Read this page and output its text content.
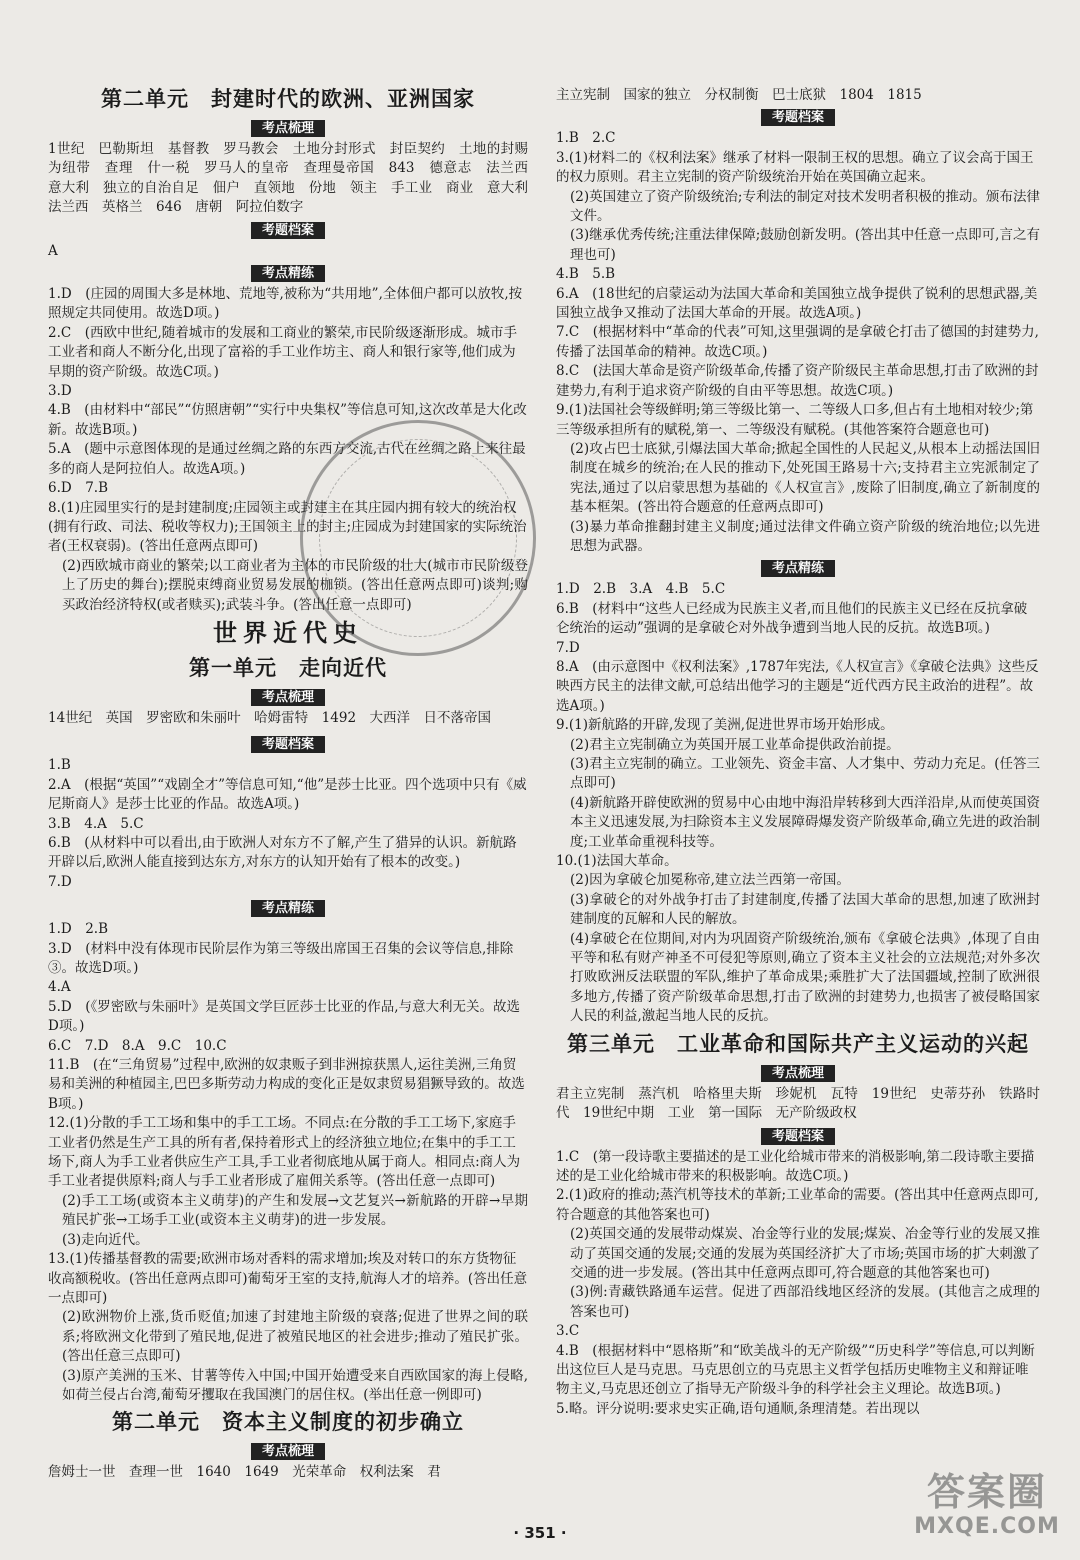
第二单元　封建时代的欧洲、亚洲国家
考点梳理

1世纪　巴勒斯坦　基督教　罗马教会　土地分封形式　封臣契约　土地的封赐为纽带　查理　什一税　罗马人的皇帝　查理曼帝国　843　德意志　法兰西　意大利　独立的自治自足　佃户　直领地　份地　领主　手工业　商业　意大利　法兰西　英格兰　646　唐朝　阿拉伯数字

考题档案

A

考点精练

1.D　(庄园的周围大多是林地、荒地等,被称为“共用地”,全体佃户都可以放牧,按照规定共同使用。故选D项。)

2.C　(西欧中世纪,随着城市的发展和工商业的繁荣,市民阶级逐渐形成。城市手工业者和商人不断分化,出现了富裕的手工业作坊主、商人和银行家等,他们成为早期的资产阶级。故选C项。)

3.D

4.B　(由材料中“部民”“仿照唐朝”“实行中央集权”等信息可知,这次改革是大化改新。故选B项。)

5.A　(题中示意图体现的是通过丝绸之路的东西方交流,古代在丝绸之路上来往最多的商人是阿拉伯人。故选A项。)

6.D　7.B

8.(1)庄园里实行的是封建制度;庄园领主或封建主在其庄园内拥有较大的统治权(拥有行政、司法、税收等权力);王国领主上的封主;庄园成为封建国家的实际统治者(王权衰弱)。(答出任意两点即可)

(2)西欧城市商业的繁荣;以工商业者为主体的市民阶级的壮大(城市市民阶级登上了历史的舞台);摆脱束缚商业贸易发展的枷锁。(答出任意两点即可)谈判;购买政治经济特权(或者赎买);武装斗争。(答出任意一点即可)

世界近代史
第一单元　走向近代
考点梳理

14世纪　英国　罗密欧和朱丽叶　哈姆雷特　1492　大西洋　日不落帝国

考题档案

1.B

2.A　(根据“英国”“戏剧全才”等信息可知,“他”是莎士比亚。四个选项中只有《威尼斯商人》是莎士比亚的作品。故选A项。)

3.B　4.A　5.C

6.B　(从材料中可以看出,由于欧洲人对东方不了解,产生了猎异的认识。新航路开辟以后,欧洲人能直接到达东方,对东方的认知开始有了根本的改变。)

7.D

考点精练

1.D　2.B

3.D　(材料中没有体现市民阶层作为第三等级出席国王召集的会议等信息,排除③。故选D项。)

4.A

5.D　(《罗密欧与朱丽叶》是英国文学巨匠莎士比亚的作品,与意大利无关。故选D项。)

6.C　7.D　8.A　9.C　10.C

11.B　(在“三角贸易”过程中,欧洲的奴隶贩子到非洲掠获黑人,运往美洲,三角贸易和美洲的种植园主,巴巴多斯劳动力构成的变化正是奴隶贸易猖獗导致的。故选B项。)

12.(1)分散的手工工场和集中的手工工场。不同点:在分散的手工工场下,家庭手工业者仍然是生产工具的所有者,保持着形式上的经济独立地位;在集中的手工工场下,商人为手工业者供应生产工具,手工业者彻底地从属于商人。相同点:商人为手工业者提供原料;商人与手工业者形成了雇佣关系等。(答出任意一点即可)

(2)手工工场(或资本主义萌芽)的产生和发展→文艺复兴→新航路的开辟→早期殖民扩张→工场手工业(或资本主义萌芽)的进一步发展。

(3)走向近代。

13.(1)传播基督教的需要;欧洲市场对香料的需求增加;埃及对转口的东方货物征收高额税收。(答出任意两点即可)葡萄牙王室的支持,航海人才的培养。(答出任意一点即可)

(2)欧洲物价上涨,货币贬值;加速了封建地主阶级的衰落;促进了世界之间的联系;将欧洲文化带到了殖民地,促进了被殖民地区的社会进步;推动了殖民扩张。(答出任意三点即可)

(3)原产美洲的玉米、甘薯等传入中国;中国开始遭受来自西欧国家的海上侵略,如荷兰侵占台湾,葡萄牙攫取在我国澳门的居住权。(举出任意一例即可)

第二单元　资本主义制度的初步确立
考点梳理

詹姆士一世　查理一世　1640　1649　光荣革命　权利法案　君

主立宪制　国家的独立　分权制衡　巴士底狱　1804　1815

考题档案

1.B　2.C

3.(1)材料二的《权利法案》继承了材料一限制王权的思想。确立了议会高于国王的权力原则。君主立宪制的资产阶级统治开始在英国确立起来。

(2)英国建立了资产阶级统治;专利法的制定对技术发明者积极的推动。颁布法律文件。

(3)继承优秀传统;注重法律保障;鼓励创新发明。(答出其中任意一点即可,言之有理也可)

4.B　5.B

6.A　(18世纪的启蒙运动为法国大革命和美国独立战争提供了锐利的思想武器,美国独立战争又推动了法国大革命的开展。故选A项。)

7.C　(根据材料中“革命的代表”可知,这里强调的是拿破仑打击了德国的封建势力,传播了法国革命的精神。故选C项。)

8.C　(法国大革命是资产阶级革命,传播了资产阶级民主革命思想,打击了欧洲的封建势力,有利于追求资产阶级的自由平等思想。故选C项。)

9.(1)法国社会等级鲜明;第三等级比第一、二等级人口多,但占有土地相对较少;第三等级承担所有的赋税,第一、二等级没有赋税。(其他答案符合题意也可)

(2)攻占巴士底狱,引爆法国大革命;掀起全国性的人民起义,从根本上动摇法国旧制度在城乡的统治;在人民的推动下,处死国王路易十六;支持君主立宪派制定了宪法,通过了以启蒙思想为基础的《人权宣言》,废除了旧制度,确立了新制度的基本框架。(答出符合题意的任意两点即可)

(3)暴力革命推翻封建主义制度;通过法律文件确立资产阶级的统治地位;以先进思想为武器。

考点精练

1.D　2.B　3.A　4.B　5.C

6.B　(材料中“这些人已经成为民族主义者,而且他们的民族主义已经在反抗拿破仑统治的运动”强调的是拿破仑对外战争遭到当地人民的反抗。故选B项。)

7.D

8.A　(由示意图中《权利法案》,1787年宪法,《人权宣言》《拿破仑法典》这些反映西方民主的法律文献,可总结出他学习的主题是“近代西方民主政治的进程”。故选A项。)

9.(1)新航路的开辟,发现了美洲,促进世界市场开始形成。

(2)君主立宪制确立为英国开展工业革命提供政治前提。

(3)君主立宪制的确立。工业领先、资金丰富、人才集中、劳动力充足。(任答三点即可)

(4)新航路开辟使欧洲的贸易中心由地中海沿岸转移到大西洋沿岸,从而使英国资本主义迅速发展,为扫除资本主义发展障碍爆发资产阶级革命,确立先进的政治制度;工业革命重视科技等。

10.(1)法国大革命。

(2)因为拿破仑加冕称帝,建立法兰西第一帝国。

(3)拿破仑的对外战争打击了封建制度,传播了法国大革命的思想,加速了欧洲封建制度的瓦解和人民的解放。

(4)拿破仑在位期间,对内为巩固资产阶级统治,颁布《拿破仑法典》,体现了自由平等和私有财产神圣不可侵犯等原则,确立了资本主义社会的立法规范;对外多次打败欧洲反法联盟的军队,维护了革命成果;乘胜扩大了法国疆域,控制了欧洲很多地方,传播了资产阶级革命思想,打击了欧洲的封建势力,也损害了被侵略国家人民的利益,激起当地人民的反抗。

第三单元　工业革命和国际共产主义运动的兴起
考点梳理

君主立宪制　蒸汽机　哈格里夫斯　珍妮机　瓦特　19世纪　史蒂芬孙　铁路时代　19世纪中期　工业　第一国际　无产阶级政权

考题档案

1.C　(第一段诗歌主要描述的是工业化给城市带来的消极影响,第二段诗歌主要描述的是工业化给城市带来的积极影响。故选C项。)

2.(1)政府的推动;蒸汽机等技术的革新;工业革命的需要。(答出其中任意两点即可,符合题意的其他答案也可)

(2)英国交通的发展带动煤炭、冶金等行业的发展;煤炭、冶金等行业的发展又推动了英国交通的发展;交通的发展为英国经济扩大了市场;英国市场的扩大刺激了交通的进一步发展。(答出其中任意两点即可,符合题意的其他答案也可)

(3)例:青藏铁路通车运营。促进了西部沿线地区经济的发展。(其他言之成理的答案也可)

3.C

4.B　(根据材料中“恩格斯”和“欧美战斗的无产阶级”“历史科学”等信息,可以判断出这位巨人是马克思。马克思创立的马克思主义哲学包括历史唯物主义和辩证唯物主义,马克思还创立了指导无产阶级斗争的科学社会主义理论。故选B项。)

5.略。评分说明:要求史实正确,语句通顺,条理清楚。若出现以

· 351 ·
答案圈
MXQE.COM
